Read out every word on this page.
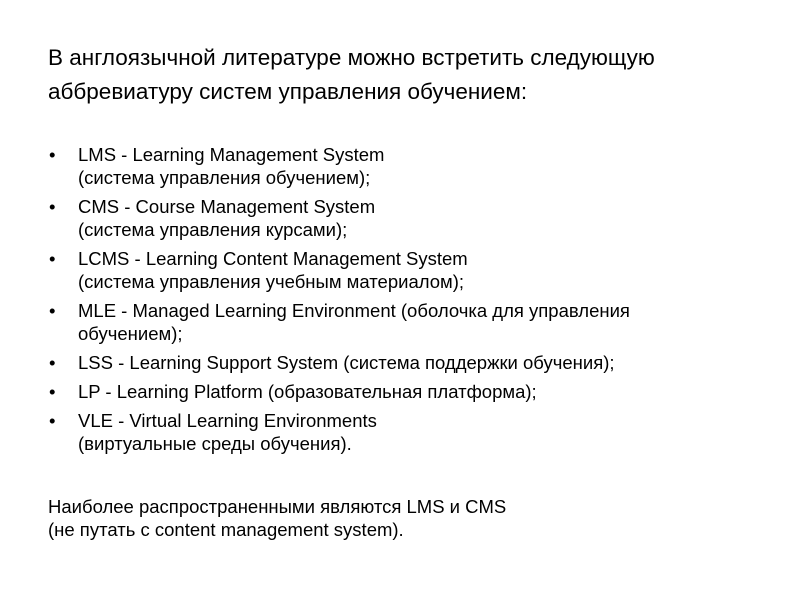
В англоязычной литературе можно встретить следующую
аббревиатуру систем управления обучением:
• LMS - Learning Management System
(система управления обучением);
• CMS - Course Management System
(система управления курсами);
• LCMS - Learning Content Management System
(система управления учебным материалом);
• MLE - Managed Learning Environment (оболочка для управления
обучением);
• LSS - Learning Support System (система поддержки обучения);
• LP - Learning Platform (образовательная платформа);
• VLE - Virtual Learning Environments
(виртуальные среды обучения).
Наиболее распространенными являются LMS и CMS
(не путать с content management system).
